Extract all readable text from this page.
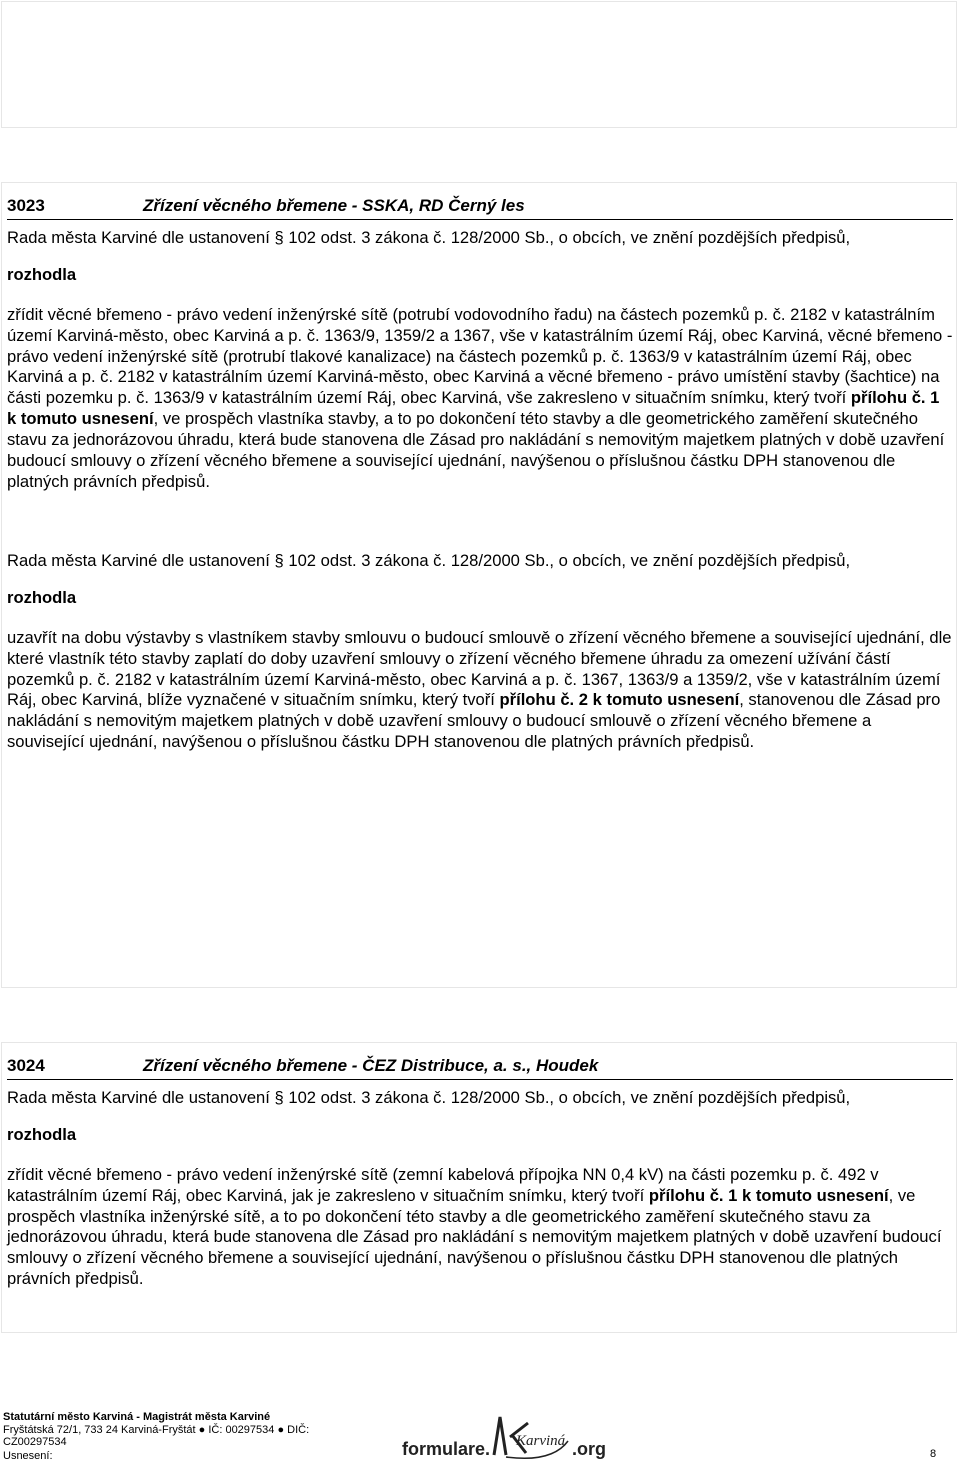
3023	Zřízení věcného břemene - SSKA, RD Černý les

Rada města Karviné dle ustanovení § 102 odst. 3 zákona č. 128/2000 Sb., o obcích, ve znění pozdějších předpisů,

rozhodla

zřídit věcné břemeno - právo vedení inženýrské sítě (potrubí vodovodního řadu) na částech pozemků p. č. 2182 v katastrálním území Karviná-město, obec Karviná a p. č. 1363/9, 1359/2 a 1367, vše v katastrálním území Ráj, obec Karviná, věcné břemeno - právo vedení inženýrské sítě (protrubí tlakové kanalizace) na částech pozemků p. č. 1363/9 v katastrálním území Ráj, obec Karviná a p. č. 2182 v katastrálním území Karviná-město, obec Karviná a věcné břemeno - právo umístění stavby (šachtice) na části pozemku p. č. 1363/9 v katastrálním území Ráj, obec Karviná, vše zakresleno v situačním snímku, který tvoří přílohu č. 1 k tomuto usnesení, ve prospěch vlastníka stavby, a to po dokončení této stavby a dle geometrického zaměření skutečného stavu za jednorázovou úhradu, která bude stanovena dle Zásad pro nakládání s nemovitým majetkem platných v době uzavření budoucí smlouvy o zřízení věcného břemene a související ujednání, navýšenou o příslušnou částku DPH stanovenou dle platných právních předpisů.

Rada města Karviné dle ustanovení § 102 odst. 3 zákona č. 128/2000 Sb., o obcích, ve znění pozdějších předpisů,

rozhodla

uzavřít na dobu výstavby s vlastníkem stavby smlouvu o budoucí smlouvě o zřízení věcného břemene a související ujednání, dle které vlastník této stavby zaplatí do doby uzavření smlouvy o zřízení věcného břemene úhradu za omezení užívání částí pozemků p. č. 2182 v katastrálním území Karviná-město, obec Karviná a p. č. 1367, 1363/9 a 1359/2, vše v katastrálním území Ráj, obec Karviná, blíže vyznačené v situačním snímku, který tvoří přílohu č. 2 k tomuto usnesení, stanovenou dle Zásad pro nakládání s nemovitým majetkem platných v době uzavření smlouvy o budoucí smlouvě o zřízení věcného břemene a související ujednání, navýšenou o příslušnou částku DPH stanovenou dle platných právních předpisů.

3024	Zřízení věcného břemene - ČEZ Distribuce, a. s., Houdek

Rada města Karviné dle ustanovení § 102 odst. 3 zákona č. 128/2000 Sb., o obcích, ve znění pozdějších předpisů,

rozhodla

zřídit věcné břemeno - právo vedení inženýrské sítě (zemní kabelová přípojka NN 0,4 kV) na části pozemku p. č. 492 v katastrálním území Ráj, obec Karviná, jak je zakresleno v situačním snímku, který tvoří přílohu č. 1 k tomuto usnesení, ve prospěch vlastníka inženýrské sítě, a to po dokončení této stavby a dle geometrického zaměření skutečného stavu za jednorázovou úhradu, která bude stanovena dle Zásad pro nakládání s nemovitým majetkem platných v době uzavření budoucí smlouvy o zřízení věcného břemene a související ujednání, navýšenou o příslušnou částku DPH stanovenou dle platných právních předpisů.

Statutární město Karviná - Magistrát města Karviné
Fryštátská 72/1, 733 24 Karviná-Fryštát ● IČ: 00297534 ● DIČ: CZ00297534
Usnesení:	formulare. Karviná .org	8
